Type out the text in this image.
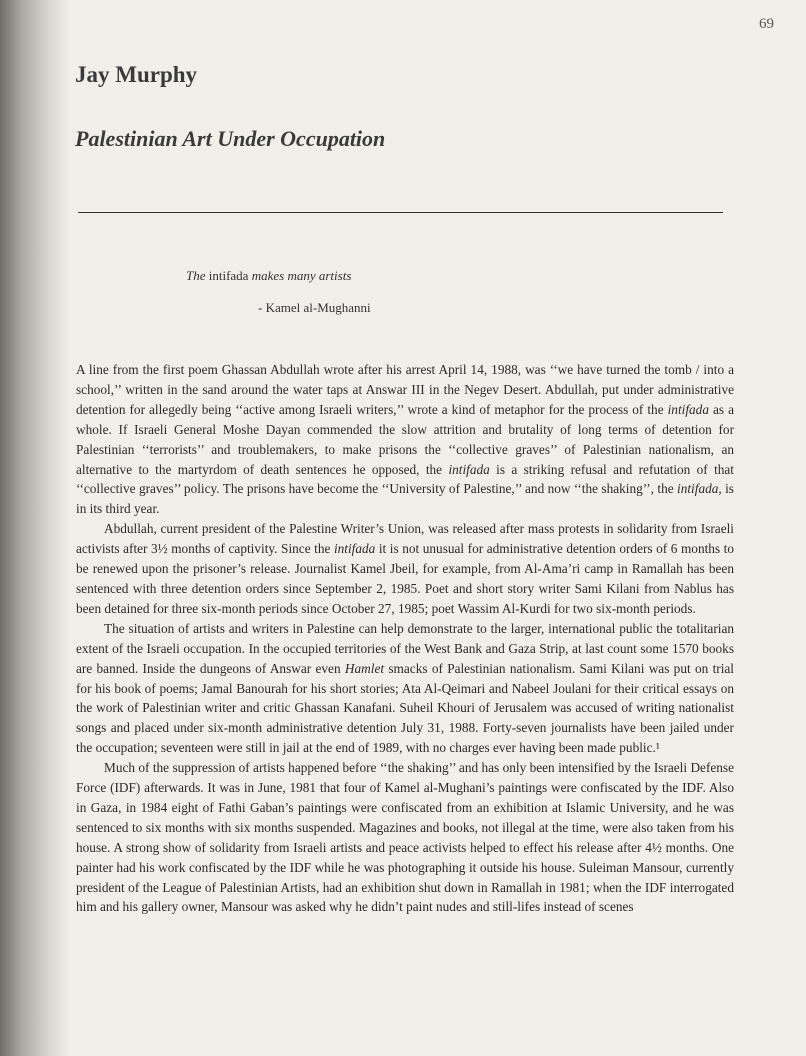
69
Jay Murphy
Palestinian Art Under Occupation
The intifada makes many artists
- Kamel al-Mughanni

A line from the first poem Ghassan Abdullah wrote after his arrest April 14, 1988, was ‘‘we have turned the tomb / into a school,’’ written in the sand around the water taps at Answar III in the Negev Desert. Abdullah, put under administrative detention for allegedly being ‘‘active among Israeli writers,’’ wrote a kind of metaphor for the process of the intifada as a whole. If Israeli General Moshe Dayan commended the slow attrition and brutality of long terms of detention for Palestinian ‘‘terrorists’’ and troublemakers, to make prisons the ‘‘collective graves’’ of Palestinian nationalism, an alternative to the martyrdom of death sentences he opposed, the intifada is a striking refusal and refutation of that ‘‘collective graves’’ policy. The prisons have become the ‘‘University of Palestine,’’ and now ‘‘the shaking’’, the intifada, is in its third year.

Abdullah, current president of the Palestine Writer’s Union, was released after mass protests in solidarity from Israeli activists after 3½ months of captivity. Since the intifada it is not unusual for administrative detention orders of 6 months to be renewed upon the prisoner’s release. Journalist Kamel Jbeil, for example, from Al-Ama’ri camp in Ramallah has been sentenced with three detention orders since September 2, 1985. Poet and short story writer Sami Kilani from Nablus has been detained for three six-month periods since October 27, 1985; poet Wassim Al-Kurdi for two six-month periods.

The situation of artists and writers in Palestine can help demonstrate to the larger, international public the totalitarian extent of the Israeli occupation. In the occupied territories of the West Bank and Gaza Strip, at last count some 1570 books are banned. Inside the dungeons of Answar even Hamlet smacks of Palestinian nationalism. Sami Kilani was put on trial for his book of poems; Jamal Banourah for his short stories; Ata Al-Qeimari and Nabeel Joulani for their critical essays on the work of Palestinian writer and critic Ghassan Kanafani. Suheil Khouri of Jerusalem was accused of writing nationalist songs and placed under six-month administrative detention July 31, 1988. Forty-seven journalists have been jailed under the occupation; seventeen were still in jail at the end of 1989, with no charges ever having been made public.¹

Much of the suppression of artists happened before ‘‘the shaking’’ and has only been intensified by the Israeli Defense Force (IDF) afterwards. It was in June, 1981 that four of Kamel al-Mughani’s paintings were confiscated by the IDF. Also in Gaza, in 1984 eight of Fathi Gaban’s paintings were confiscated from an exhibition at Islamic University, and he was sentenced to six months with six months suspended. Magazines and books, not illegal at the time, were also taken from his house. A strong show of solidarity from Israeli artists and peace activists helped to effect his release after 4½ months. One painter had his work confiscated by the IDF while he was photographing it outside his house. Suleiman Mansour, currently president of the League of Palestinian Artists, had an exhibition shut down in Ramallah in 1981; when the IDF interrogated him and his gallery owner, Mansour was asked why he didn’t paint nudes and still-lifes instead of scenes
